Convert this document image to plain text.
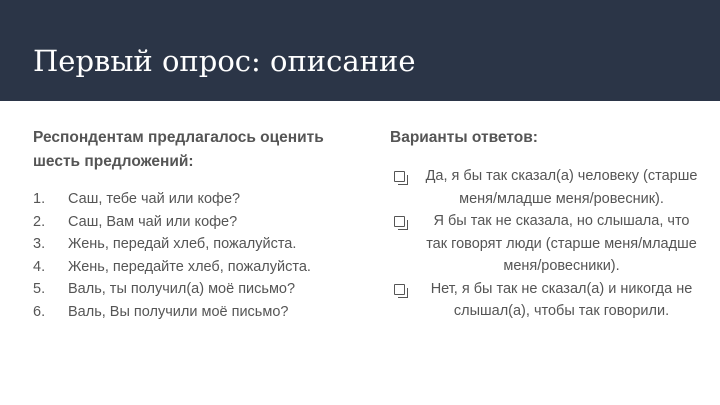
Первый опрос: описание
Респондентам предлагалось оценить шесть предложений:
1. Саш, тебе чай или кофе?
2. Саш, Вам чай или кофе?
3. Жень, передай хлеб, пожалуйста.
4. Жень, передайте хлеб, пожалуйста.
5. Валь, ты получил(а) моё письмо?
6. Валь, Вы получили моё письмо?
Варианты ответов:
Да, я бы так сказал(а) человеку (старше меня/младше меня/ровесник).
Я бы так не сказала, но слышала, что так говорят люди (старше меня/младше меня/ровесники).
Нет, я бы так не сказал(а) и никогда не слышал(а), чтобы так говорили.
